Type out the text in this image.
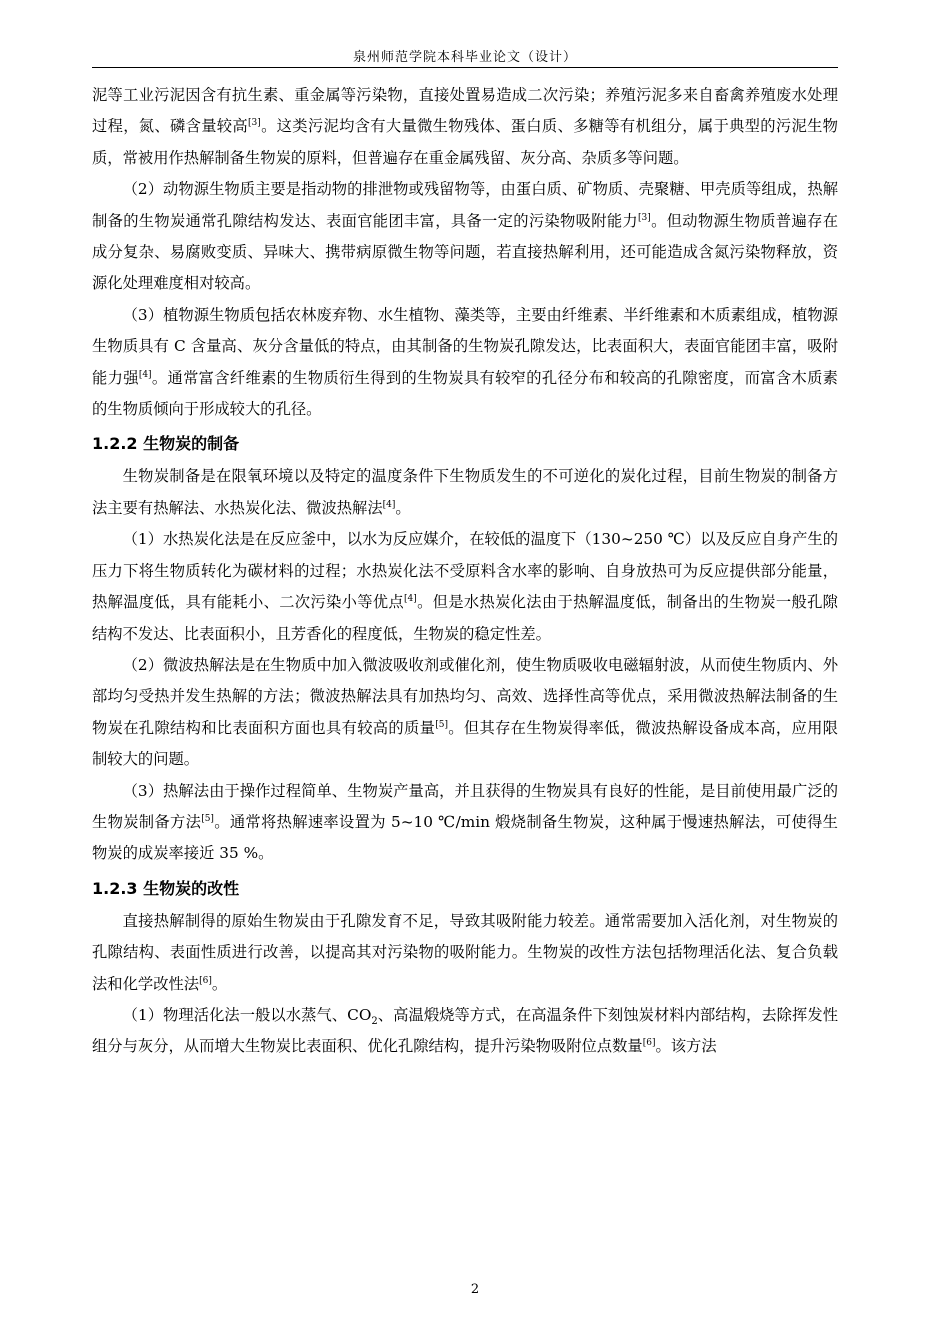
泉州师范学院本科毕业论文（设计）

泥等工业污泥因含有抗生素、重金属等污染物，直接处置易造成二次污染；养殖污泥多来自畜禽养殖废水处理过程，氮、磷含量较高[3]。这类污泥均含有大量微生物残体、蛋白质、多糖等有机组分，属于典型的污泥生物质，常被用作热解制备生物炭的原料，但普遍存在重金属残留、灰分高、杂质多等问题。

（2）动物源生物质主要是指动物的排泄物或残留物等，由蛋白质、矿物质、壳聚糖、甲壳质等组成，热解制备的生物炭通常孔隙结构发达、表面官能团丰富，具备一定的污染物吸附能力[3]。但动物源生物质普遍存在成分复杂、易腐败变质、异味大、携带病原微生物等问题，若直接热解利用，还可能造成含氮污染物释放，资源化处理难度相对较高。

（3）植物源生物质包括农林废弃物、水生植物、藻类等，主要由纤维素、半纤维素和木质素组成，植物源生物质具有 C 含量高、灰分含量低的特点，由其制备的生物炭孔隙发达，比表面积大，表面官能团丰富，吸附能力强[4]。通常富含纤维素的生物质衍生得到的生物炭具有较窄的孔径分布和较高的孔隙密度，而富含木质素的生物质倾向于形成较大的孔径。

1.2.2 生物炭的制备

生物炭制备是在限氧环境以及特定的温度条件下生物质发生的不可逆化的炭化过程，目前生物炭的制备方法主要有热解法、水热炭化法、微波热解法[4]。

（1）水热炭化法是在反应釜中，以水为反应媒介，在较低的温度下（130~250 ℃）以及反应自身产生的压力下将生物质转化为碳材料的过程；水热炭化法不受原料含水率的影响、自身放热可为反应提供部分能量，热解温度低，具有能耗小、二次污染小等优点[4]。但是水热炭化法由于热解温度低，制备出的生物炭一般孔隙结构不发达、比表面积小，且芳香化的程度低，生物炭的稳定性差。

（2）微波热解法是在生物质中加入微波吸收剂或催化剂，使生物质吸收电磁辐射波，从而使生物质内、外部均匀受热并发生热解的方法；微波热解法具有加热均匀、高效、选择性高等优点，采用微波热解法制备的生物炭在孔隙结构和比表面积方面也具有较高的质量[5]。但其存在生物炭得率低，微波热解设备成本高，应用限制较大的问题。

（3）热解法由于操作过程简单、生物炭产量高，并且获得的生物炭具有良好的性能，是目前使用最广泛的生物炭制备方法[5]。通常将热解速率设置为 5~10 ℃/min 煅烧制备生物炭，这种属于慢速热解法，可使得生物炭的成炭率接近 35 %。

1.2.3 生物炭的改性

直接热解制得的原始生物炭由于孔隙发育不足，导致其吸附能力较差。通常需要加入活化剂，对生物炭的孔隙结构、表面性质进行改善，以提高其对污染物的吸附能力。生物炭的改性方法包括物理活化法、复合负载法和化学改性法[6]。

（1）物理活化法一般以水蒸气、$CO_2$、高温煅烧等方式，在高温条件下刻蚀炭材料内部结构，去除挥发性组分与灰分，从而增大生物炭比表面积、优化孔隙结构，提升污染物吸附位点数量[6]。该方法

2
